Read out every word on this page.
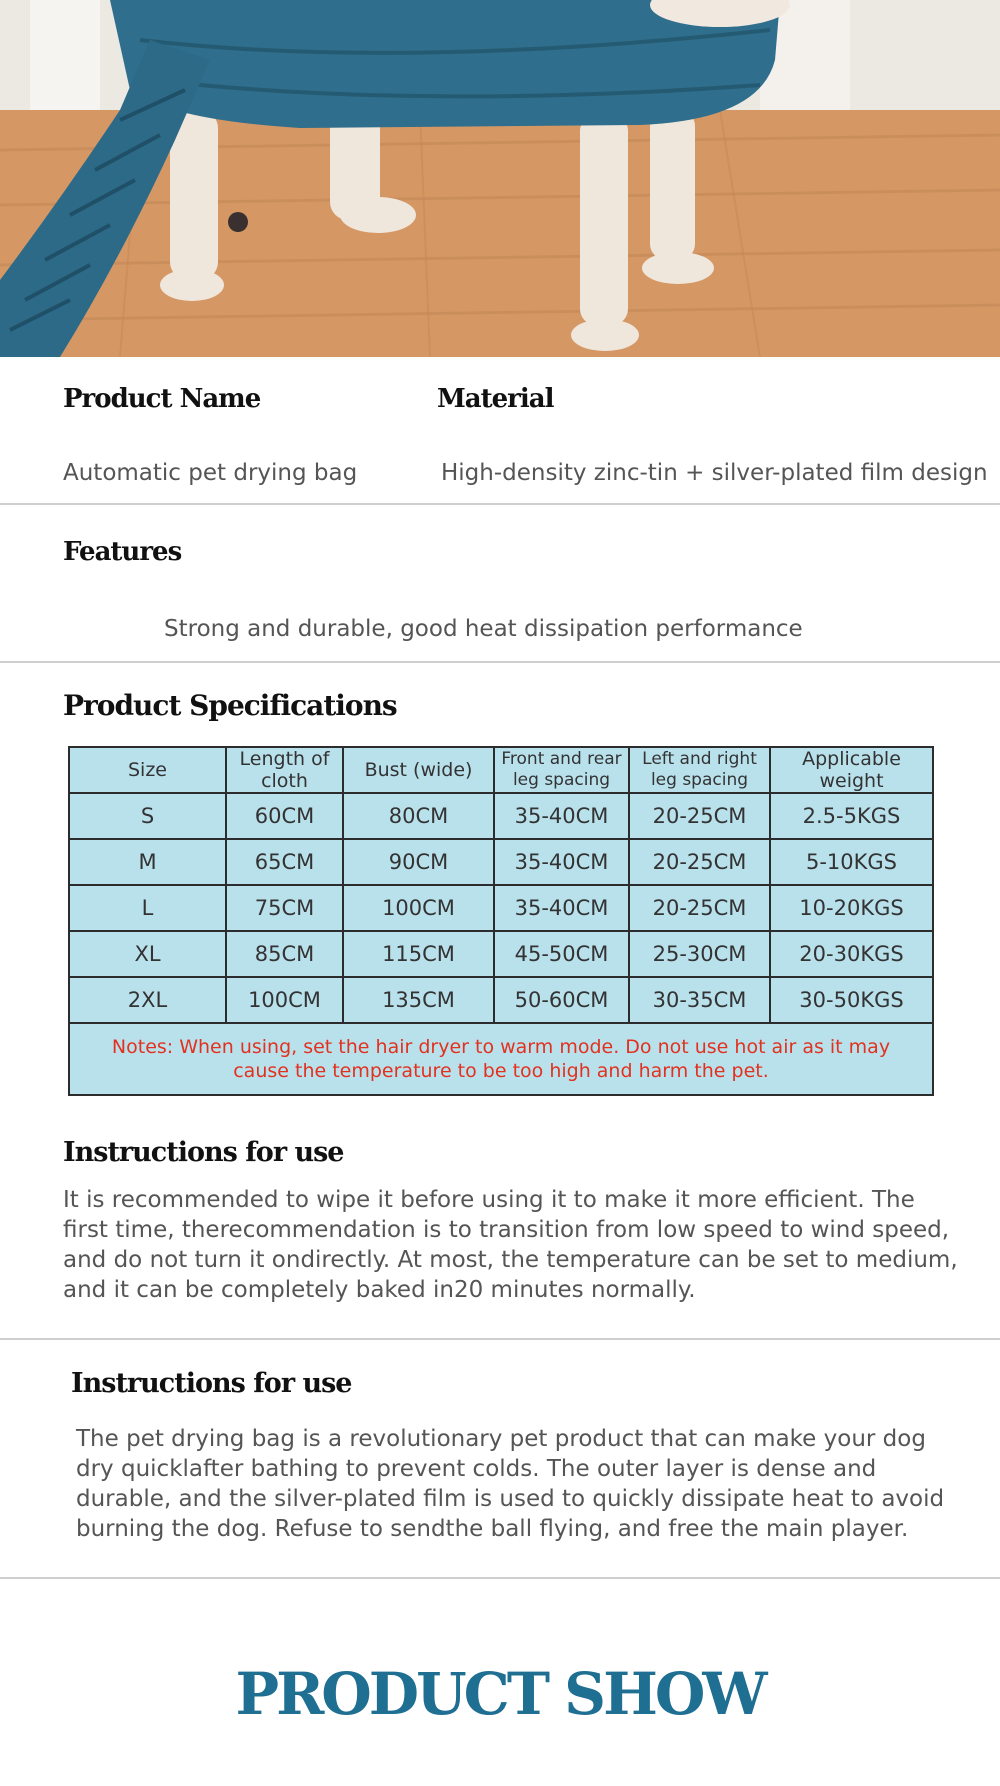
Product Name	Material

Automatic pet drying bag	High-density zinc-tin + silver-plated film design

Features

Strong and durable, good heat dissipation performance

Product Specifications
Size	Length of cloth	Bust (wide)	Front and rear leg spacing	Left and right leg spacing	Applicable weight
S	60CM	80CM	35-40CM	20-25CM	2.5-5KGS
M	65CM	90CM	35-40CM	20-25CM	5-10KGS
L	75CM	100CM	35-40CM	20-25CM	10-20KGS
XL	85CM	115CM	45-50CM	25-30CM	20-30KGS
2XL	100CM	135CM	50-60CM	30-35CM	30-50KGS
Notes: When using, set the hair dryer to warm mode. Do not use hot air as it may cause the temperature to be too high and harm the pet.					
Instructions for use

It is recommended to wipe it before using it to make it more efficient. The first time, therecommendation is to transition from low speed to wind speed, and do not turn it ondirectly. At most, the temperature can be set to medium, and it can be completely baked in20 minutes normally.

Instructions for use

The pet drying bag is a revolutionary pet product that can make your dog dry quicklafter bathing to prevent colds. The outer layer is dense and durable, and the silver-plated film is used to quickly dissipate heat to avoid burning the dog. Refuse to sendthe ball flying, and free the main player.

PRODUCT SHOW
